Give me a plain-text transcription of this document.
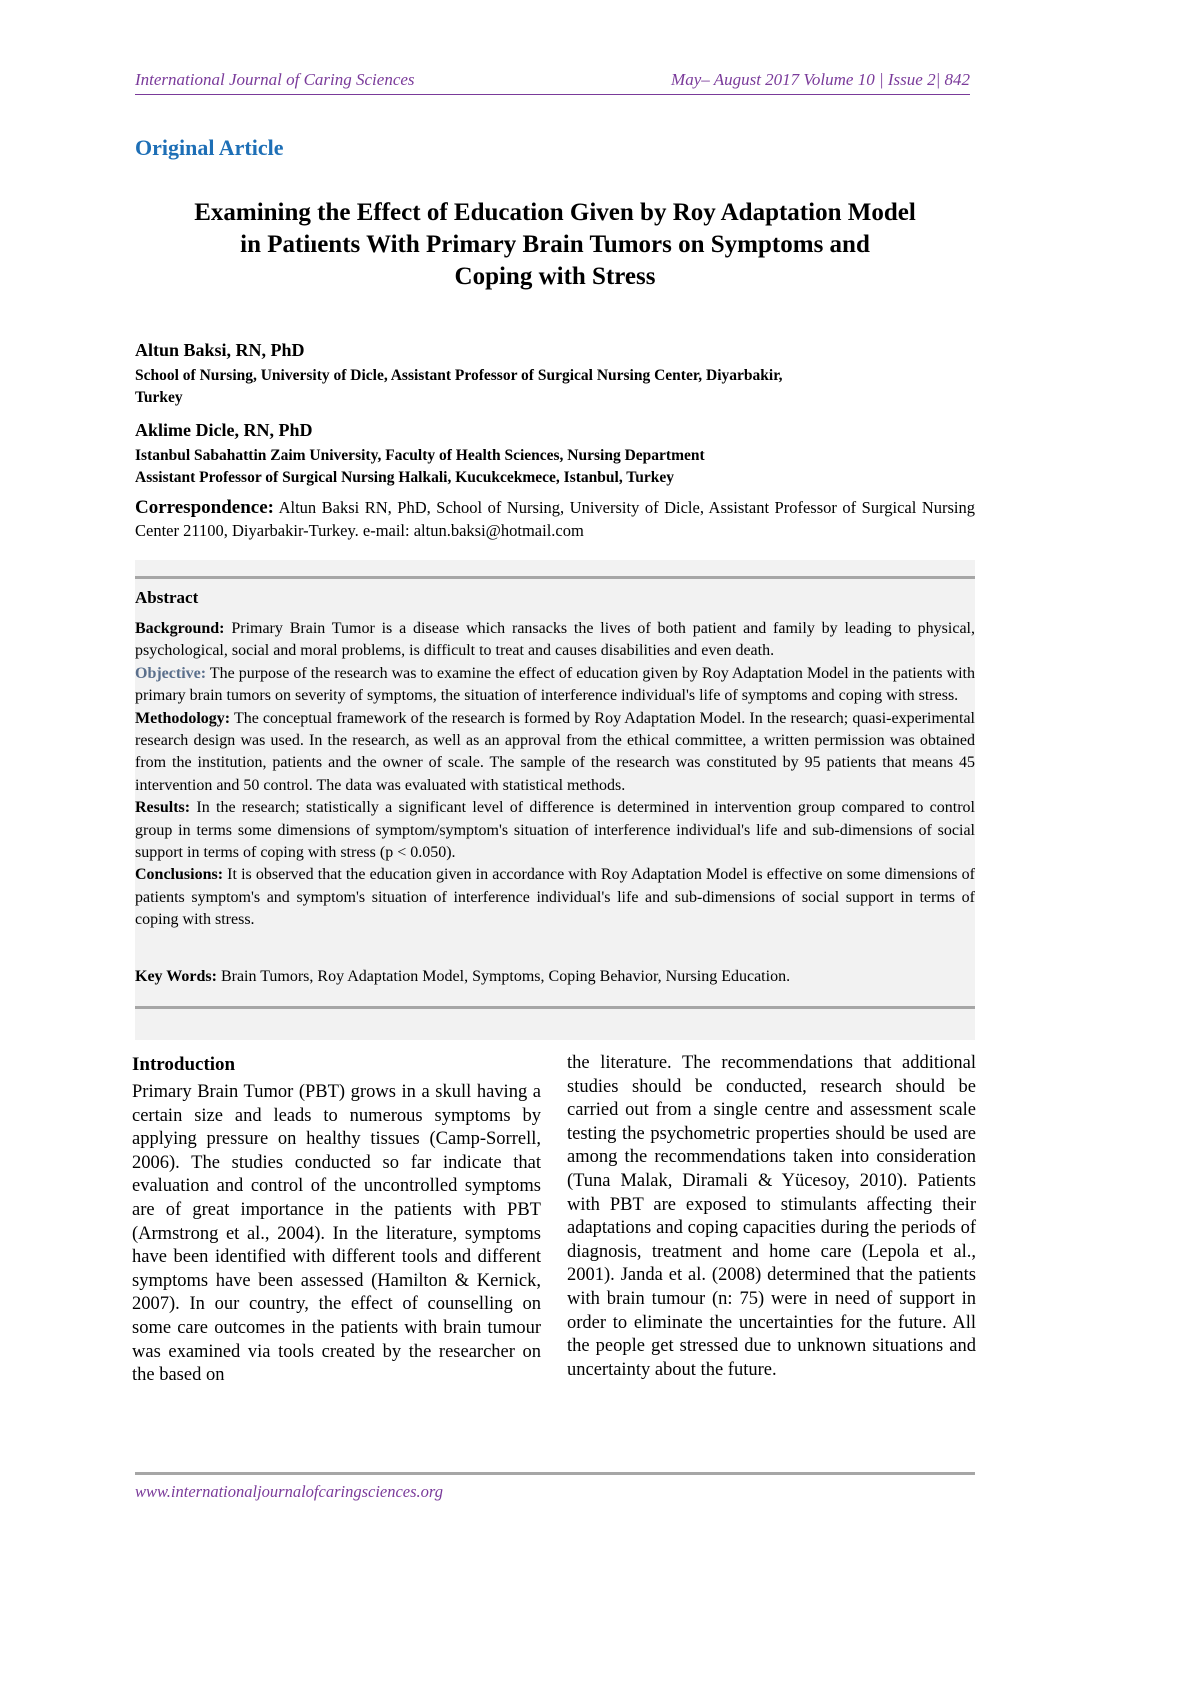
International Journal of Caring Sciences	May– August 2017 Volume 10 | Issue 2| 842
Original Article
Examining the Effect of Education Given by Roy Adaptation Model
in Patiıents With Primary Brain Tumors on Symptoms and
Coping with Stress
Altun Baksi, RN, PhD
School of Nursing, University of Dicle, Assistant Professor of Surgical Nursing Center, Diyarbakir,
Turkey
Aklime Dicle, RN, PhD
Istanbul Sabahattin Zaim University, Faculty of Health Sciences, Nursing Department
Assistant Professor of Surgical Nursing Halkali, Kucukcekmece, Istanbul, Turkey
Correspondence: Altun Baksi RN, PhD, School of Nursing, University of Dicle, Assistant Professor of Surgical Nursing Center 21100, Diyarbakir-Turkey. e-mail: altun.baksi@hotmail.com
Abstract

Background: Primary Brain Tumor is a disease which ransacks the lives of both patient and family by leading to physical, psychological, social and moral problems, is difficult to treat and causes disabilities and even death.

Objective: The purpose of the research was to examine the effect of education given by Roy Adaptation Model in the patients with primary brain tumors on severity of symptoms, the situation of interference individual's life of symptoms and coping with stress.

Methodology: The conceptual framework of the research is formed by Roy Adaptation Model. In the research; quasi-experimental research design was used. In the research, as well as an approval from the ethical committee, a written permission was obtained from the institution, patients and the owner of scale. The sample of the research was constituted by 95 patients that means 45 intervention and 50 control. The data was evaluated with statistical methods.

Results: In the research; statistically a significant level of difference is determined in intervention group compared to control group in terms some dimensions of symptom/symptom's situation of interference individual's life and sub-dimensions of social support in terms of coping with stress (p < 0.050).

Conclusions: It is observed that the education given in accordance with Roy Adaptation Model is effective on some dimensions of patients symptom's and symptom's situation of interference individual's life and sub-dimensions of social support in terms of coping with stress.

Key Words: Brain Tumors, Roy Adaptation Model, Symptoms, Coping Behavior, Nursing Education.
Introduction

Primary Brain Tumor (PBT) grows in a skull having a certain size and leads to numerous symptoms by applying pressure on healthy tissues (Camp-Sorrell, 2006). The studies conducted so far indicate that evaluation and control of the uncontrolled symptoms are of great importance in the patients with PBT (Armstrong et al., 2004). In the literature, symptoms have been identified with different tools and different symptoms have been assessed (Hamilton & Kernick, 2007). In our country, the effect of counselling on some care outcomes in the patients with brain tumour was examined via tools created by the researcher on the based on

the literature. The recommendations that additional studies should be conducted, research should be carried out from a single centre and assessment scale testing the psychometric properties should be used are among the recommendations taken into consideration (Tuna Malak, Diramali & Yücesoy, 2010). Patients with PBT are exposed to stimulants affecting their adaptations and coping capacities during the periods of diagnosis, treatment and home care (Lepola et al., 2001). Janda et al. (2008) determined that the patients with brain tumour (n: 75) were in need of support in order to eliminate the uncertainties for the future. All the people get stressed due to unknown situations and uncertainty about the future.

www.internationaljournalofcaringsciences.org
